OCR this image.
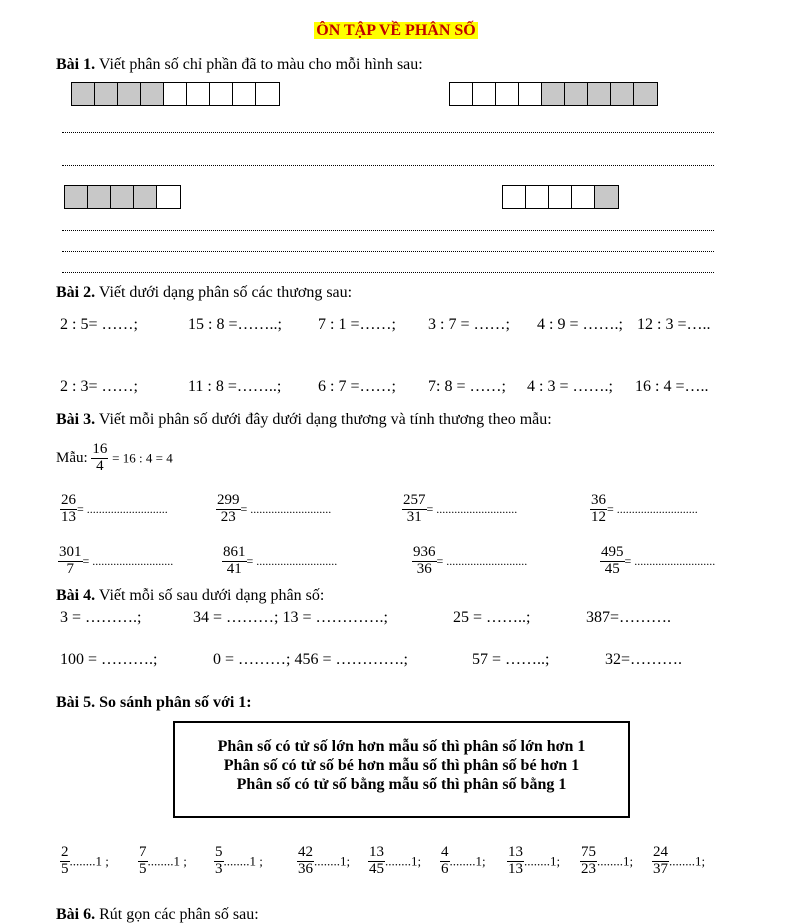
ÔN TẬP VỀ PHÂN SỐ
Bài 1. Viết phân số chỉ phần đã to màu cho mỗi hình sau:
Bài 2. Viết dưới dạng phân số các thương sau:
2 : 5= ……;	15 : 8 =……..; 7 : 1 =……; 3 : 7 = ……; 4 : 9 = …….; 12 : 3 =…..
2 : 3= ……;	11 : 8 =……..; 6 : 7 =……; 7: 8 = ……; 4 : 3 = …….; 16 : 4 =…..
Bài 3. Viết mỗi phân số dưới đây dưới dạng thương và tính thương theo mẫu:
Mẫu: $\frac{16}{4} = 16$ : 4 = 4
$\frac{26}{13}$ = ...........................	$\frac{299}{23}$ = ...........................	$\frac{257}{31}$ = ...........................	$\frac{36}{12}$ = ...........................
$\frac{301}{7}$ = ...........................	$\frac{861}{41}$ = ...........................	$\frac{936}{36}$ = ...........................	$\frac{495}{45}$ = ...........................
Bài 4. Viết mỗi số sau dưới dạng phân số:
3 = ……….;	34 = ………; 13 = ………….;	25 = ……..;	387=……….
100 = ……….;	0 = ………; 456 = ………….;	57 = ……..;	32=……….
Bài 5. So sánh phân số với 1:
Phân số có tử số lớn hơn mẫu số thì phân số lớn hơn 1
Phân số có tử số bé hơn mẫu số thì phân số bé hơn 1
Phân số có tử số bằng mẫu số thì phân số bằng 1
$\frac{2}{5} ........1$ ; $\frac{7}{5} ........1$ ; $\frac{5}{3} ........1$ ; $\frac{42}{36} ........1$; $\frac{13}{45} ........1$; $\frac{4}{6} ........1$; $\frac{13}{13} ........1$; $\frac{75}{23} ........1$; $\frac{24}{37} ........1$;
Bài 6. Rút gọn các phân số sau:
